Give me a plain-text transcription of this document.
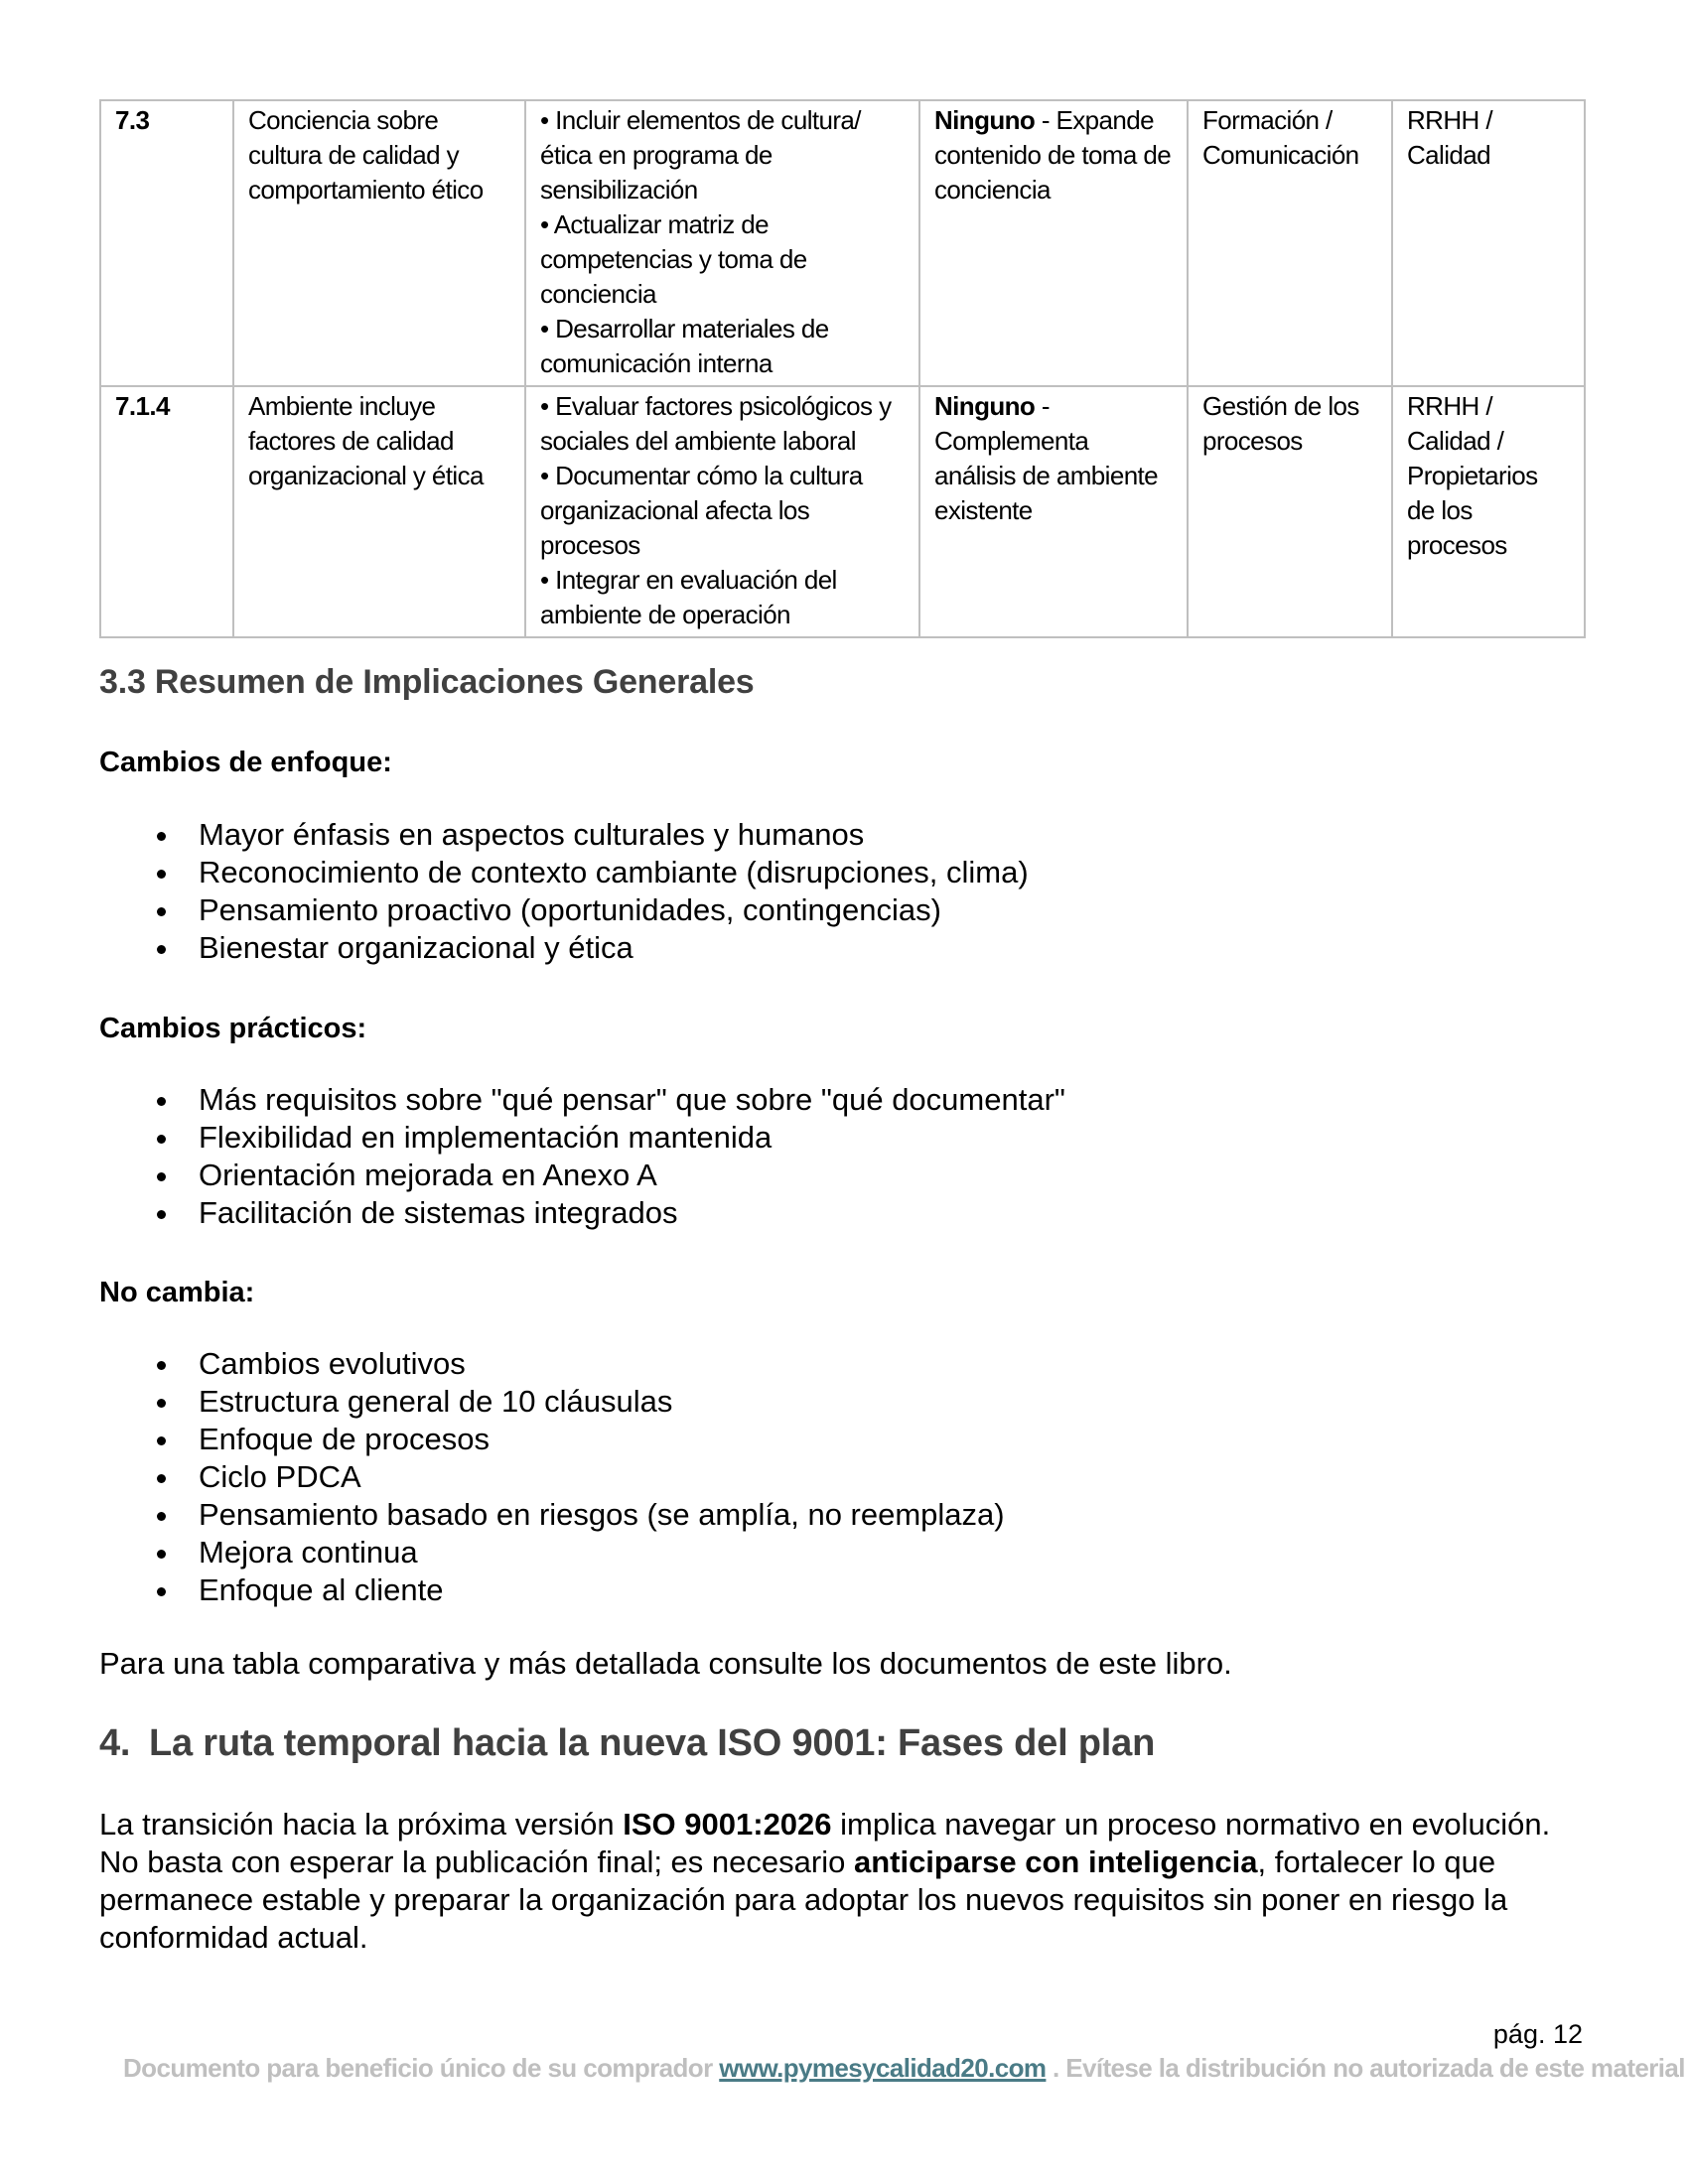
7.3	Conciencia sobre cultura de calidad y comportamiento ético	• Incluir elementos de cultura/ética en programa de sensibilización
• Actualizar matriz de competencias y toma de conciencia
• Desarrollar materiales de comunicación interna	Ninguno - Expande contenido de toma de conciencia	Formación / Comunicación	RRHH / Calidad
7.1.4	Ambiente incluye factores de calidad organizacional y ética	• Evaluar factores psicológicos y sociales del ambiente laboral
• Documentar cómo la cultura organizacional afecta los procesos
• Integrar en evaluación del ambiente de operación	Ninguno - Complementa análisis de ambiente existente	Gestión de los procesos	RRHH / Calidad / Propietarios de los procesos
3.3 Resumen de Implicaciones Generales
Cambios de enfoque:
Mayor énfasis en aspectos culturales y humanos
Reconocimiento de contexto cambiante (disrupciones, clima)
Pensamiento proactivo (oportunidades, contingencias)
Bienestar organizacional y ética
Cambios prácticos:
Más requisitos sobre "qué pensar" que sobre "qué documentar"
Flexibilidad en implementación mantenida
Orientación mejorada en Anexo A
Facilitación de sistemas integrados
No cambia:
Cambios evolutivos
Estructura general de 10 cláusulas
Enfoque de procesos
Ciclo PDCA
Pensamiento basado en riesgos (se amplía, no reemplaza)
Mejora continua
Enfoque al cliente
Para una tabla comparativa y más detallada consulte los documentos de este libro.
4. La ruta temporal hacia la nueva ISO 9001: Fases del plan
La transición hacia la próxima versión ISO 9001:2026 implica navegar un proceso normativo en evolución. No basta con esperar la publicación final; es necesario anticiparse con inteligencia, fortalecer lo que permanece estable y preparar la organización para adoptar los nuevos requisitos sin poner en riesgo la conformidad actual.
pág. 12
Documento para beneficio único de su comprador www.pymesycalidad20.com . Evítese la distribución no autorizada de este material
